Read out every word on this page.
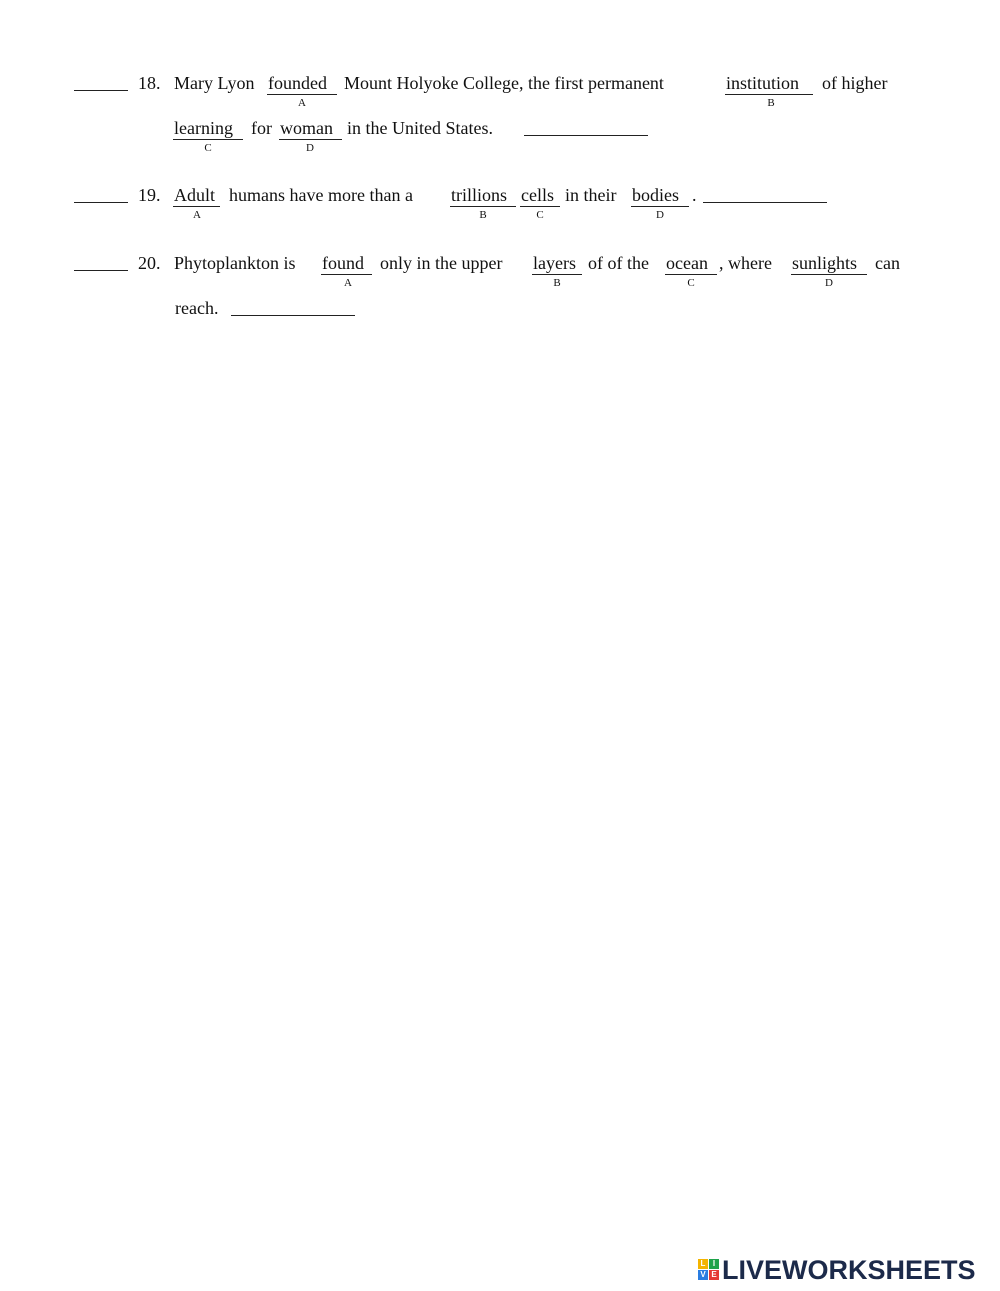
18. Mary Lyon founded
A
Mount Holyoke College, the first permanent	institution
B
of higher
learning
C
for woman
D
in the United States.
19. Adult
A
humans have more than a trillions
B
cells
C
in their bodies
D
.
20. Phytoplankton is found
A
only in the upper layers
B
of of the ocean
C
, where sunlights
D
can
reach.
L I
V E LIVEWORKSHEETS
